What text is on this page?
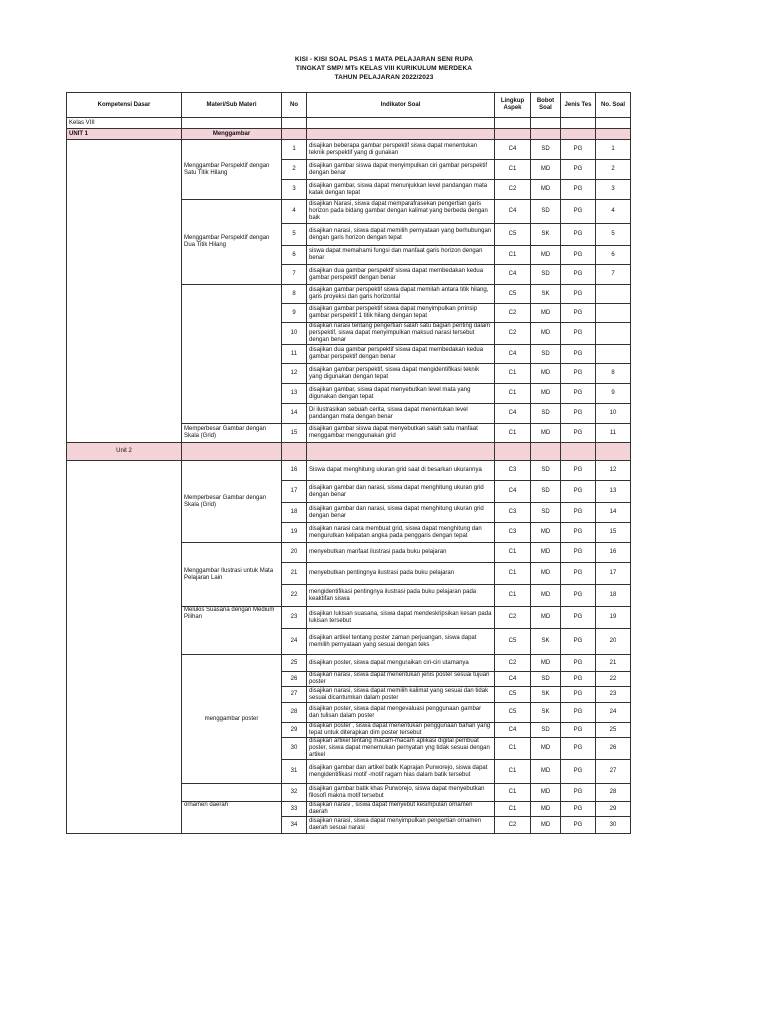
KISI - KISI SOAL PSAS 1 MATA PELAJARAN SENI RUPA
TINGKAT SMP/ MTs KELAS VIII KURIKULUM MERDEKA
TAHUN PELAJARAN 2022/2023
Kompetensi Dasar	Materi/Sub Materi	No	Indikator Soal	Lingkup Aspek	Bobot Soal	Jenis Tes	No. Soal
Kelas VIII							
UNIT 1	Menggambar						
	Menggambar Perspektif dengan Satu Titik Hilang	1	disajikan beberapa gambar perspektif siswa dapat menentukan teknik perspektif yang di gunakan	C4	SD	PG	1
		2	disajikan gambar siswa dapat menyimpulkan ciri gambar perspektif dengan benar	C1	MD	PG	2
		3	disajikan gambar, siswa dapat menunjukkan level pandangan mata katak dengan tepat	C2	MD	PG	3
	Menggambar Perspektif dengan Dua Titik Hilang	4	disajikan Narasi, siswa dapat memparafrasekan pengertian garis horizon pada bidang gambar dengan kalimat yang berbeda dengan baik	C4	SD	PG	4
		5	disajikan narasi, siswa dapat memilih pernyataan yang berhubungan dengan garis horizon dengan tepat	C5	SK	PG	5
		6	siswa dapat memahami fungsi dan manfaat garis horizon dengan benar	C1	MD	PG	6
		7	disajikan dua gambar perspektif siswa dapat membedakan kedua gambar perspektif dengan benar	C4	SD	PG	7
		8	disajikan gambar perspektif siswa dapat memilah antara titik hilang, garis proyeksi dan garis horizontal	C5	SK	PG	
		9	disajikan gambar perspektif siswa dapat menyimpulkan prrinsip gambar perspektif 1 titik hilang dengan tepat	C2	MD	PG	
		10	disajikan narasi tentang pengertian salah satu bagian penting dalam perspektif, siswa dapat menyimpulkan maksud narasi tersebut dengan benar	C2	MD	PG	
		11	disajikan dua gambar perspektif siswa dapat membedakan kedua gambar perspektif dengan benar	C4	SD	PG	
		12	disajikan gambar perspektif, siswa dapat mengidentifikasi teknik yang digunakan dengan tepat	C1	MD	PG	8
		13	disajikan gambar, siswa dapat menyebutkan level mata yang digunakan dengan tepat	C1	MD	PG	9
		14	Di ilustrasikan sebuah cerita, siswa dapat menentukan level pandangan mata dengan benar	C4	SD	PG	10
	Memperbesar Gambar dengan Skala (Grid)	15	disajikan gambar siswa dapat menyebutkan salah satu manfaat menggambar menggunakan grid	C1	MD	PG	11
Unit 2							
	Memperbesar Gambar dengan Skala (Grid)	16	Siswa dapat menghitung ukuran grid saat di besarkan ukurannya	C3	SD	PG	12
		17	disajikan gambar dan narasi, siswa dapat menghitung ukuran grid dengan benar	C4	SD	PG	13
		18	disajikan gambar dan narasi, siswa dapat menghitung ukuran grid dengan benar	C3	SD	PG	14
		19	disajikan narasi cara membuat grid, siswa dapat menghitung dan mengurutkan kelipatan angka pada penggaris dengan tepat	C3	MD	PG	15
	Menggambar Ilustrasi untuk Mata Pelajaran Lain	20	menyebutkan manfaat ilustrasi pada buku pelajaran	C1	MD	PG	16
		21	menyebutkan pentingnya ilustrasi pada buku pelajaran	C1	MD	PG	17
		22	mengidentifikasi pentingnya ilustrasi pada buku pelajaran pada keaktifan siswa	C1	MD	PG	18
	Melukis Suasana dengan Medium Pilihan	23	disajikan lukisan suasana, siswa dapat mendeskripsikan kesan pada lukisan tersebut	C2	MD	PG	19
		24	disajikan artikel tentang poster zaman perjuangan, siswa dapat memilih pernyataan yang sesuai dengan teks	C5	SK	PG	20
	menggambar poster	25	disajikan poster, siswa dapat menguraikan ciri-ciri utamanya	C2	MD	PG	21
		26	disajikan narasi, siswa dapat menentukan jenis poster sesuai tujuan poster	C4	SD	PG	22
		27	disajikan narasi, siswa dapat memilih kalimat yang sesuai dan tidak sesuai dicantumkan dalam poster	C5	SK	PG	23
		28	disajikan poster, siswa dapat mengevaluasi penggunaan gambar dan tulisan dalam poster	C5	SK	PG	24
		29	disajikan poster , siswa dapat menentukan penggunaan bahan yang tepat untuk diterapkan dim poster tersebut	C4	SD	PG	25
		30	disajikan artikel tentang macam-macam aplikasi digital pembuat poster, siswa dapat menemukan pernyatan yng tidak sesuai dengan artikel	C1	MD	PG	26
		31	disajikan gambar dan artikel batik Kaprajan Purworejo, siswa dapat mengidentifikasi motif -motif ragam hias dalam batik tersebut	C1	MD	PG	27
		32	disajikan gambar batik khas Purworejo, siswa dapat menyebutkan filosofi makna motif tersebut	C1	MD	PG	28
	ornamen daerah	33	disajikan narasi , siswa dapat menyebut kesimpulan ornamen daerah	C1	MD	PG	29
		34	disajikan narasi, siswa dapat menyimpulkan pengertian ornamen daerah sesuai narasi	C2	MD	PG	30
